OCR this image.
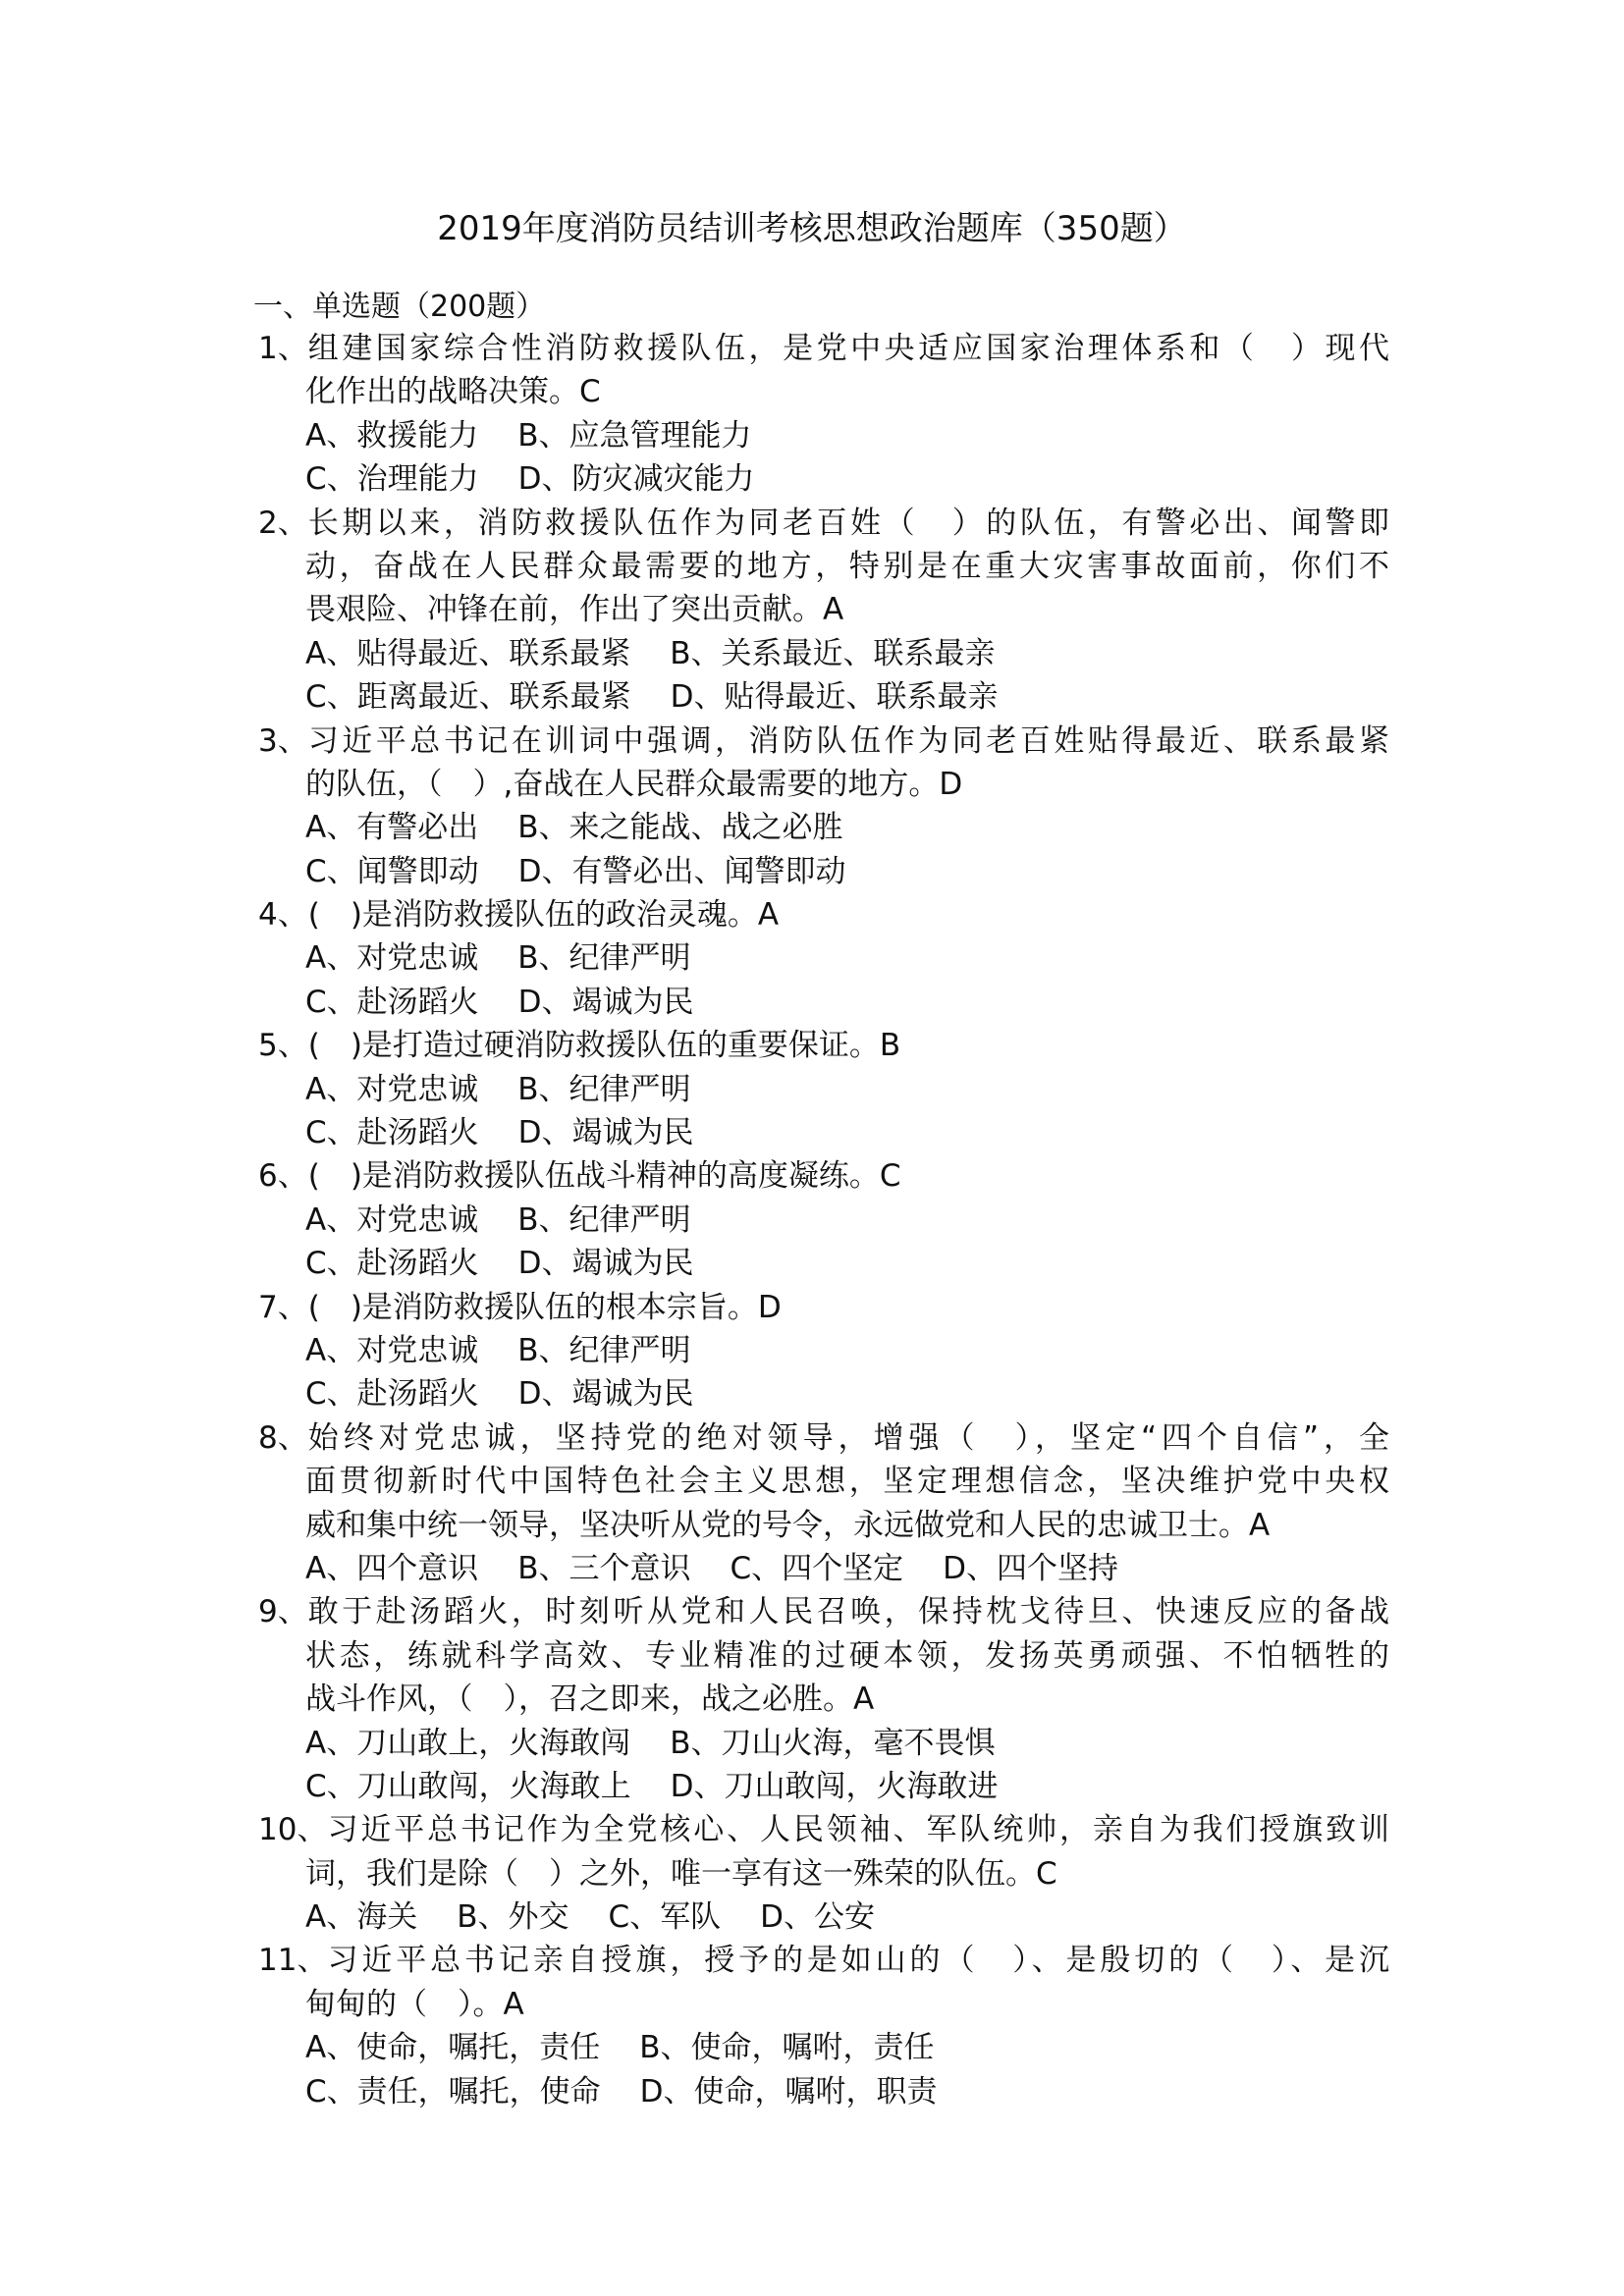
2019年度消防员结训考核思想政治题库（350题）
一、单选题（200题）
1、 组建国家综合性消防救援队伍，是党中央适应国家治理体系和（　）现代
化作出的战略决策。C
A、救援能力 B、应急管理能力
C、治理能力 D、防灾减灾能力
2、 长期以来，消防救援队伍作为同老百姓（　）的队伍，有警必出、闻警即
动，奋战在人民群众最需要的地方，特别是在重大灾害事故面前，你们不
畏艰险、冲锋在前，作出了突出贡献。A
A、贴得最近、联系最紧 B、关系最近、联系最亲
C、距离最近、联系最紧 D、贴得最近、联系最亲
3、 习近平总书记在训词中强调，消防队伍作为同老百姓贴得最近、联系最紧
的队伍，（　）,奋战在人民群众最需要的地方。D
A、有警必出 B、来之能战、战之必胜
C、闻警即动 D、有警必出、闻警即动
4、 (　)是消防救援队伍的政治灵魂。A
A、对党忠诚 B、纪律严明
C、赴汤蹈火 D、竭诚为民
5、 (　)是打造过硬消防救援队伍的重要保证。B
A、对党忠诚 B、纪律严明
C、赴汤蹈火 D、竭诚为民
6、 (　)是消防救援队伍战斗精神的高度凝练。C
A、对党忠诚 B、纪律严明
C、赴汤蹈火 D、竭诚为民
7、 (　)是消防救援队伍的根本宗旨。D
A、对党忠诚 B、纪律严明
C、赴汤蹈火 D、竭诚为民
8、 始终对党忠诚，坚持党的绝对领导，增强（　），坚定“四个自信”，全
面贯彻新时代中国特色社会主义思想，坚定理想信念，坚决维护党中央权
威和集中统一领导，坚决听从党的号令，永远做党和人民的忠诚卫士。A
A、四个意识 B、三个意识 C、四个坚定 D、四个坚持
9、 敢于赴汤蹈火，时刻听从党和人民召唤，保持枕戈待旦、快速反应的备战
状态，练就科学高效、专业精准的过硬本领，发扬英勇顽强、不怕牺牲的
战斗作风，（　），召之即来，战之必胜。A
A、刀山敢上，火海敢闯 B、刀山火海，毫不畏惧
C、刀山敢闯，火海敢上 D、刀山敢闯，火海敢进
10、 习近平总书记作为全党核心、人民领袖、军队统帅，亲自为我们授旗致训
词，我们是除（　）之外，唯一享有这一殊荣的队伍。C
A、海关 B、外交 C、军队 D、公安
11、 习近平总书记亲自授旗，授予的是如山的（　）、是殷切的（　）、是沉
甸甸的（　）。A
A、使命，嘱托，责任 B、使命，嘱咐，责任
C、责任，嘱托，使命 D、使命，嘱咐，职责
